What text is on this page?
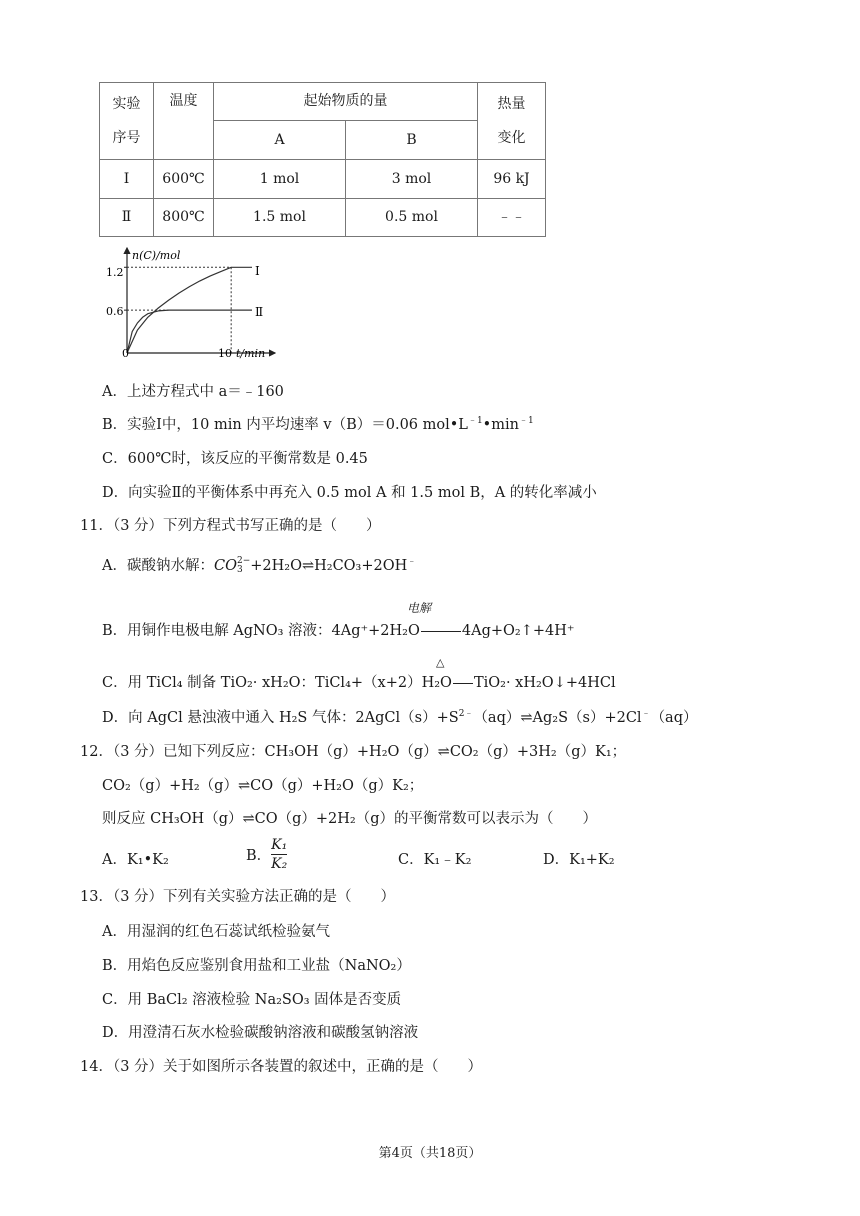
实验序号	温度	起始物质的量		热量变化

		A	B	
Ⅰ	600℃	1 mol	3 mol	96 kJ
Ⅱ	800℃	1.5 mol	0.5 mol	﹣﹣
n(C)/mol
t/min
1.2
0.6
0	10
Ⅰ
Ⅱ
A．上述方程式中 a＝﹣160
B．实验Ⅰ中，10 min 内平均速率 v（B）＝0.06 $mol•L^{﹣1}•\min^{﹣1}$
C．600℃时，该反应的平衡常数是 0.45
D．向实验Ⅱ的平衡体系中再充入 0.5 mol A 和 1.5 mol B，A 的转化率减小
11．（3 分）下列方程式书写正确的是（　　）
A．碳酸钠水解：CO 2−
3 +2H₂O⇌H₂CO₃+2OH﹣
电解
B．用铜作电极电解 AgNO₃ 溶液：4Ag⁺+2H₂O	4Ag+O₂↑+4H⁺
△
C．用 TiCl₄ 制备 TiO₂· xH₂O：TiCl₄+（x+2）H₂O TiO₂· xH₂O↓+4HCl
D．向 AgCl 悬浊液中通入 H₂S 气体：$2AgCl(s)+S^{2﹣}(aq)\rightleftharpoons Ag_2S(s)+2Cl^﹣(aq)$
12．（3 分）已知下列反应：CH₃OH（g）+H₂O（g）⇌CO₂（g）+3H₂（g）K₁；
CO₂（g）+H₂（g）⇌CO（g）+H₂O（g）K₂；
则反应 CH₃OH（g）⇌CO（g）+2H₂（g）的平衡常数可以表示为（　　）
A．K₁•K₂	B． $\frac{\text{K₁}}{\text{K₂}}$	C．K₁﹣K₂	D．K₁+K₂
13．（3 分）下列有关实验方法正确的是（　　）
A．用湿润的红色石蕊试纸检验氨气
B．用焰色反应鉴别食用盐和工业盐（NaNO₂）
C．用 BaCl₂ 溶液检验 Na₂SO₃ 固体是否变质
D．用澄清石灰水检验碳酸钠溶液和碳酸氢钠溶液
14．（3 分）关于如图所示各装置的叙述中，正确的是（　　）
第4页（共18页）
